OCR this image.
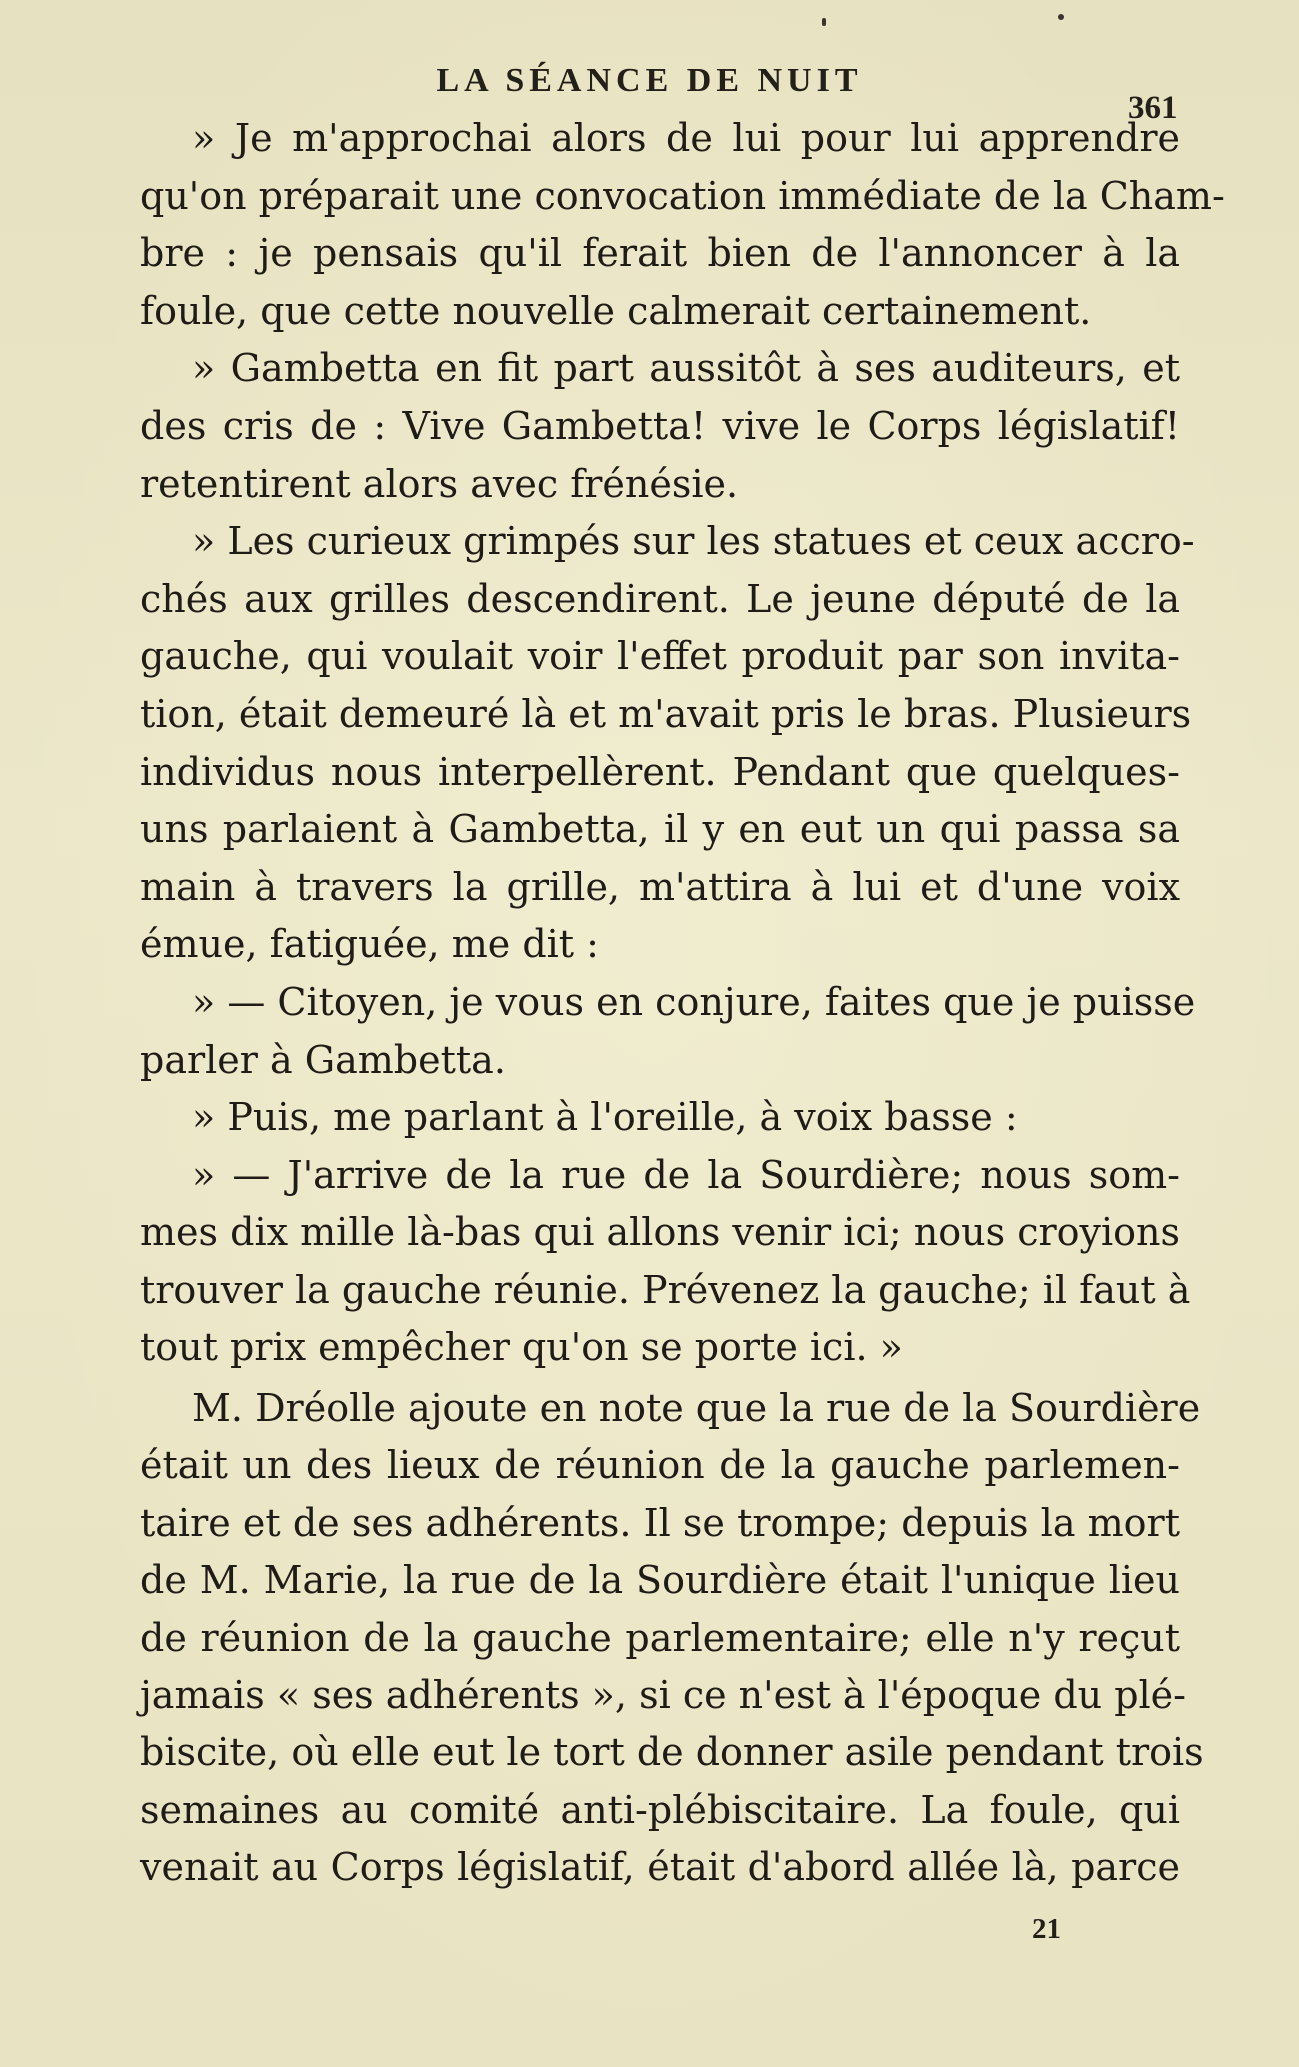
LA SÉANCE DE NUIT
361
» Je m'approchai alors de lui pour lui apprendre
qu'on préparait une convocation immédiate de la Cham-
bre : je pensais qu'il ferait bien de l'annoncer à la
foule, que cette nouvelle calmerait certainement.
» Gambetta en fit part aussitôt à ses auditeurs, et
des cris de : Vive Gambetta! vive le Corps législatif!
retentirent alors avec frénésie.
» Les curieux grimpés sur les statues et ceux accro-
chés aux grilles descendirent. Le jeune député de la
gauche, qui voulait voir l'effet produit par son invita-
tion, était demeuré là et m'avait pris le bras. Plusieurs
individus nous interpellèrent. Pendant que quelques-
uns parlaient à Gambetta, il y en eut un qui passa sa
main à travers la grille, m'attira à lui et d'une voix
émue, fatiguée, me dit :
» — Citoyen, je vous en conjure, faites que je puisse
parler à Gambetta.
» Puis, me parlant à l'oreille, à voix basse :
» — J'arrive de la rue de la Sourdière; nous som-
mes dix mille là-bas qui allons venir ici; nous croyions
trouver la gauche réunie. Prévenez la gauche; il faut à
tout prix empêcher qu'on se porte ici. »
M. Dréolle ajoute en note que la rue de la Sourdière
était un des lieux de réunion de la gauche parlemen-
taire et de ses adhérents. Il se trompe; depuis la mort
de M. Marie, la rue de la Sourdière était l'unique lieu
de réunion de la gauche parlementaire; elle n'y reçut
jamais « ses adhérents », si ce n'est à l'époque du plé-
biscite, où elle eut le tort de donner asile pendant trois
semaines au comité anti-plébiscitaire. La foule, qui
venait au Corps législatif, était d'abord allée là, parce
21
